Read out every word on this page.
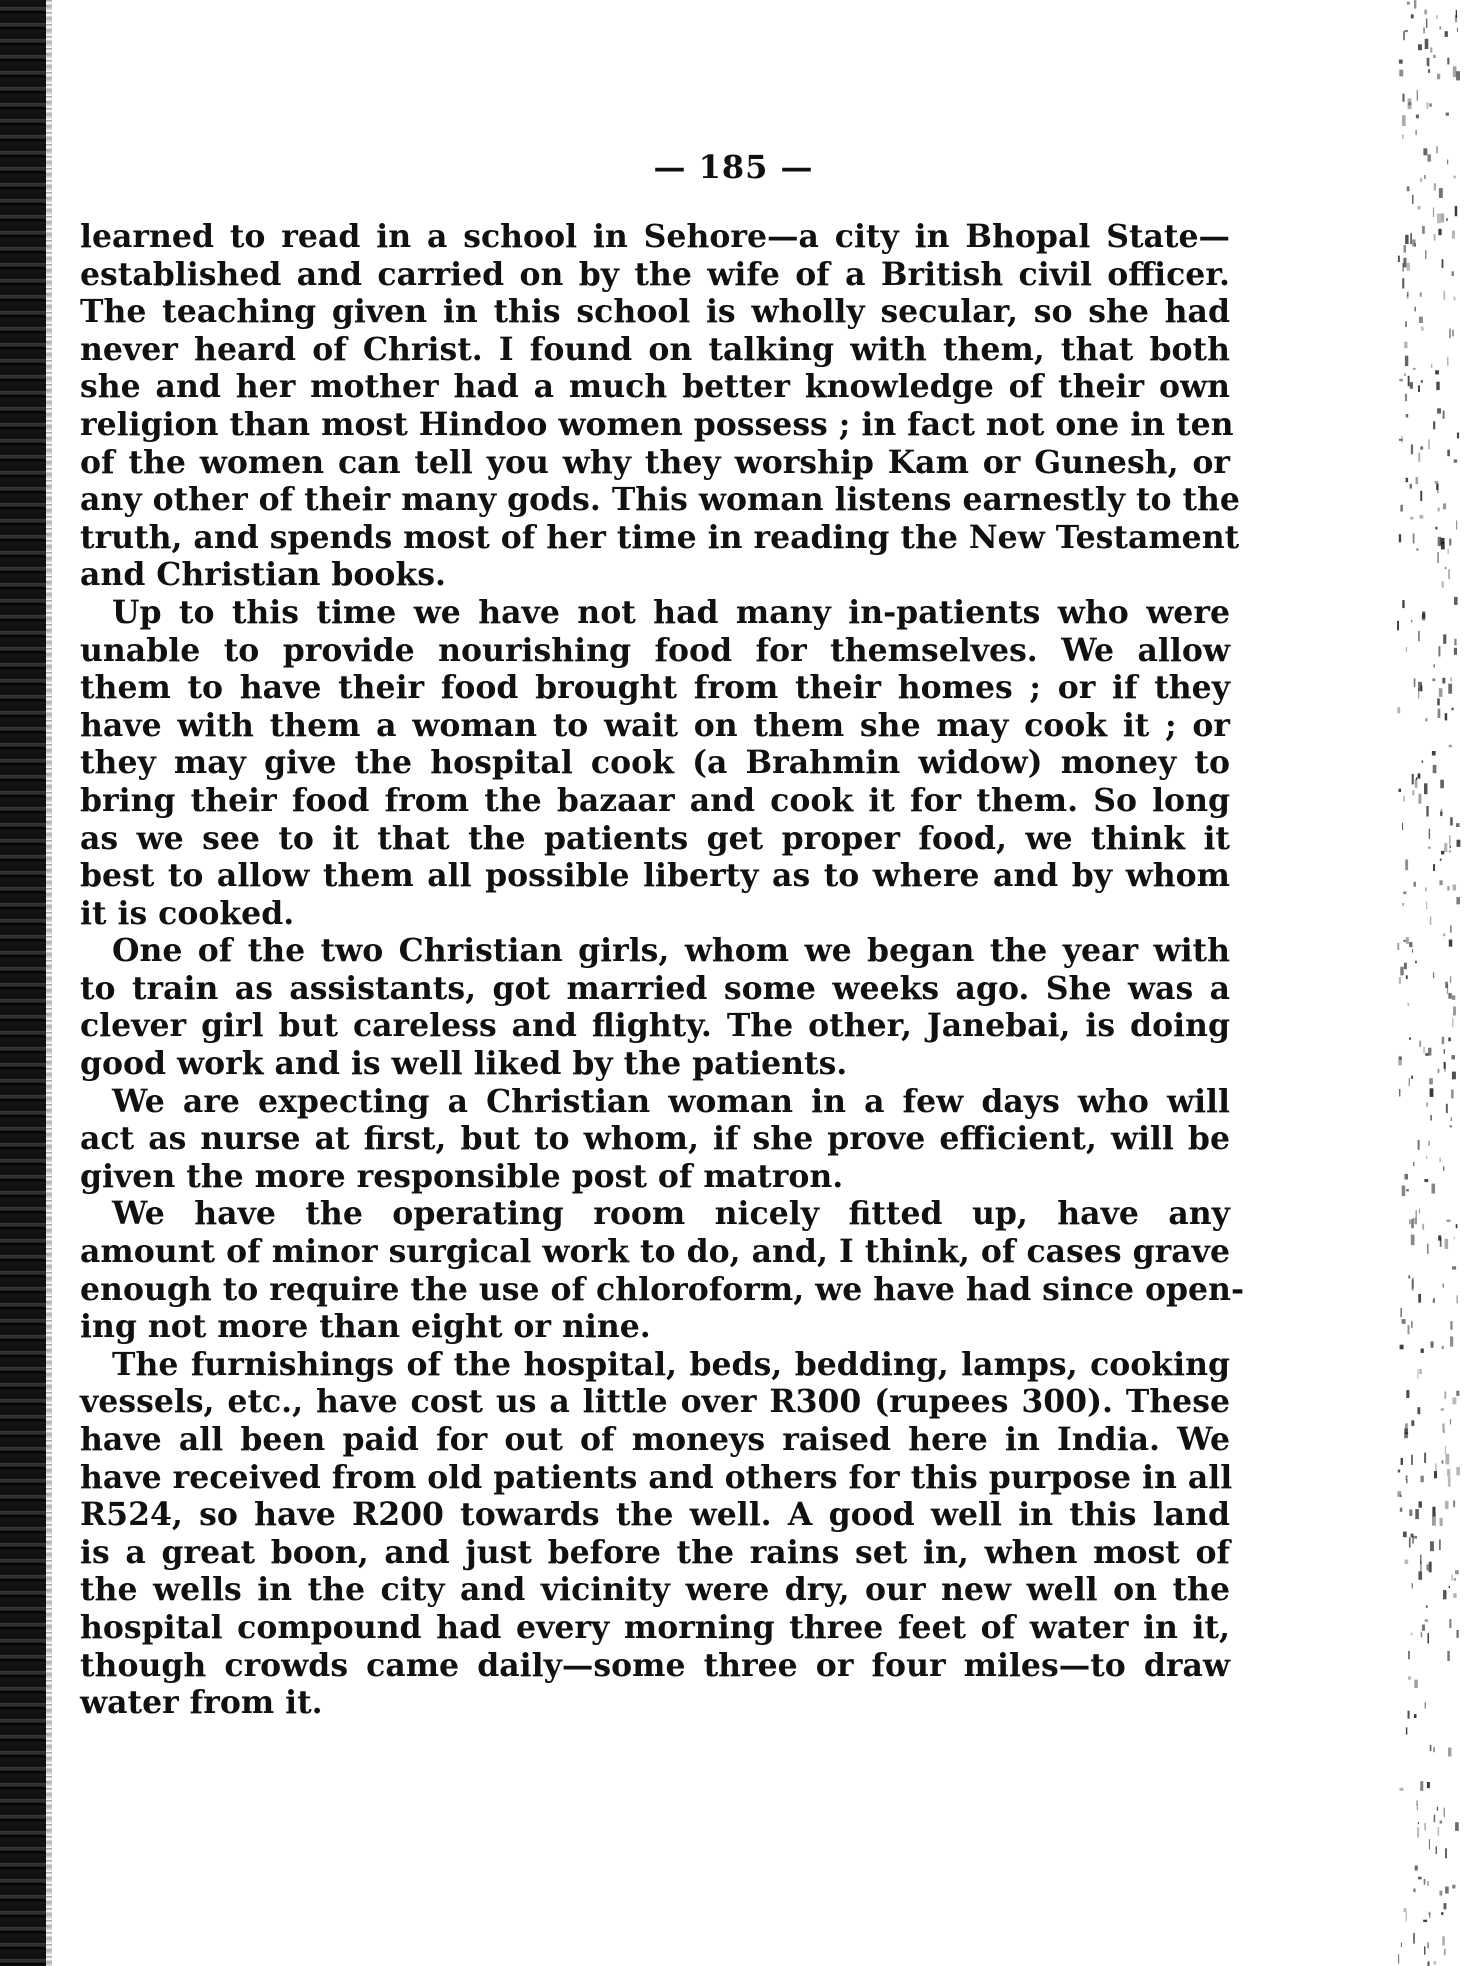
— 185 —
learned to read in a school in Sehore—a city in Bhopal State—
established and carried on by the wife of a British civil officer.
The teaching given in this school is wholly secular, so she had
never heard of Christ. I found on talking with them, that both
she and her mother had a much better knowledge of their own
religion than most Hindoo women possess ; in fact not one in ten
of the women can tell you why they worship Kam or Gunesh, or
any other of their many gods. This woman listens earnestly to the
truth, and spends most of her time in reading the New Testament
and Christian books.
Up to this time we have not had many in-patients who were
unable to provide nourishing food for themselves. We allow
them to have their food brought from their homes ; or if they
have with them a woman to wait on them she may cook it ; or
they may give the hospital cook (a Brahmin widow) money to
bring their food from the bazaar and cook it for them. So long
as we see to it that the patients get proper food, we think it
best to allow them all possible liberty as to where and by whom
it is cooked.
One of the two Christian girls, whom we began the year with
to train as assistants, got married some weeks ago. She was a
clever girl but careless and flighty. The other, Janebai, is doing
good work and is well liked by the patients.
We are expecting a Christian woman in a few days who will
act as nurse at first, but to whom, if she prove efficient, will be
given the more responsible post of matron.
We have the operating room nicely fitted up, have any
amount of minor surgical work to do, and, I think, of cases grave
enough to require the use of chloroform, we have had since open-
ing not more than eight or nine.
The furnishings of the hospital, beds, bedding, lamps, cooking
vessels, etc., have cost us a little over R300 (rupees 300). These
have all been paid for out of moneys raised here in India. We
have received from old patients and others for this purpose in all
R524, so have R200 towards the well. A good well in this land
is a great boon, and just before the rains set in, when most of
the wells in the city and vicinity were dry, our new well on the
hospital compound had every morning three feet of water in it,
though crowds came daily—some three or four miles—to draw
water from it.
